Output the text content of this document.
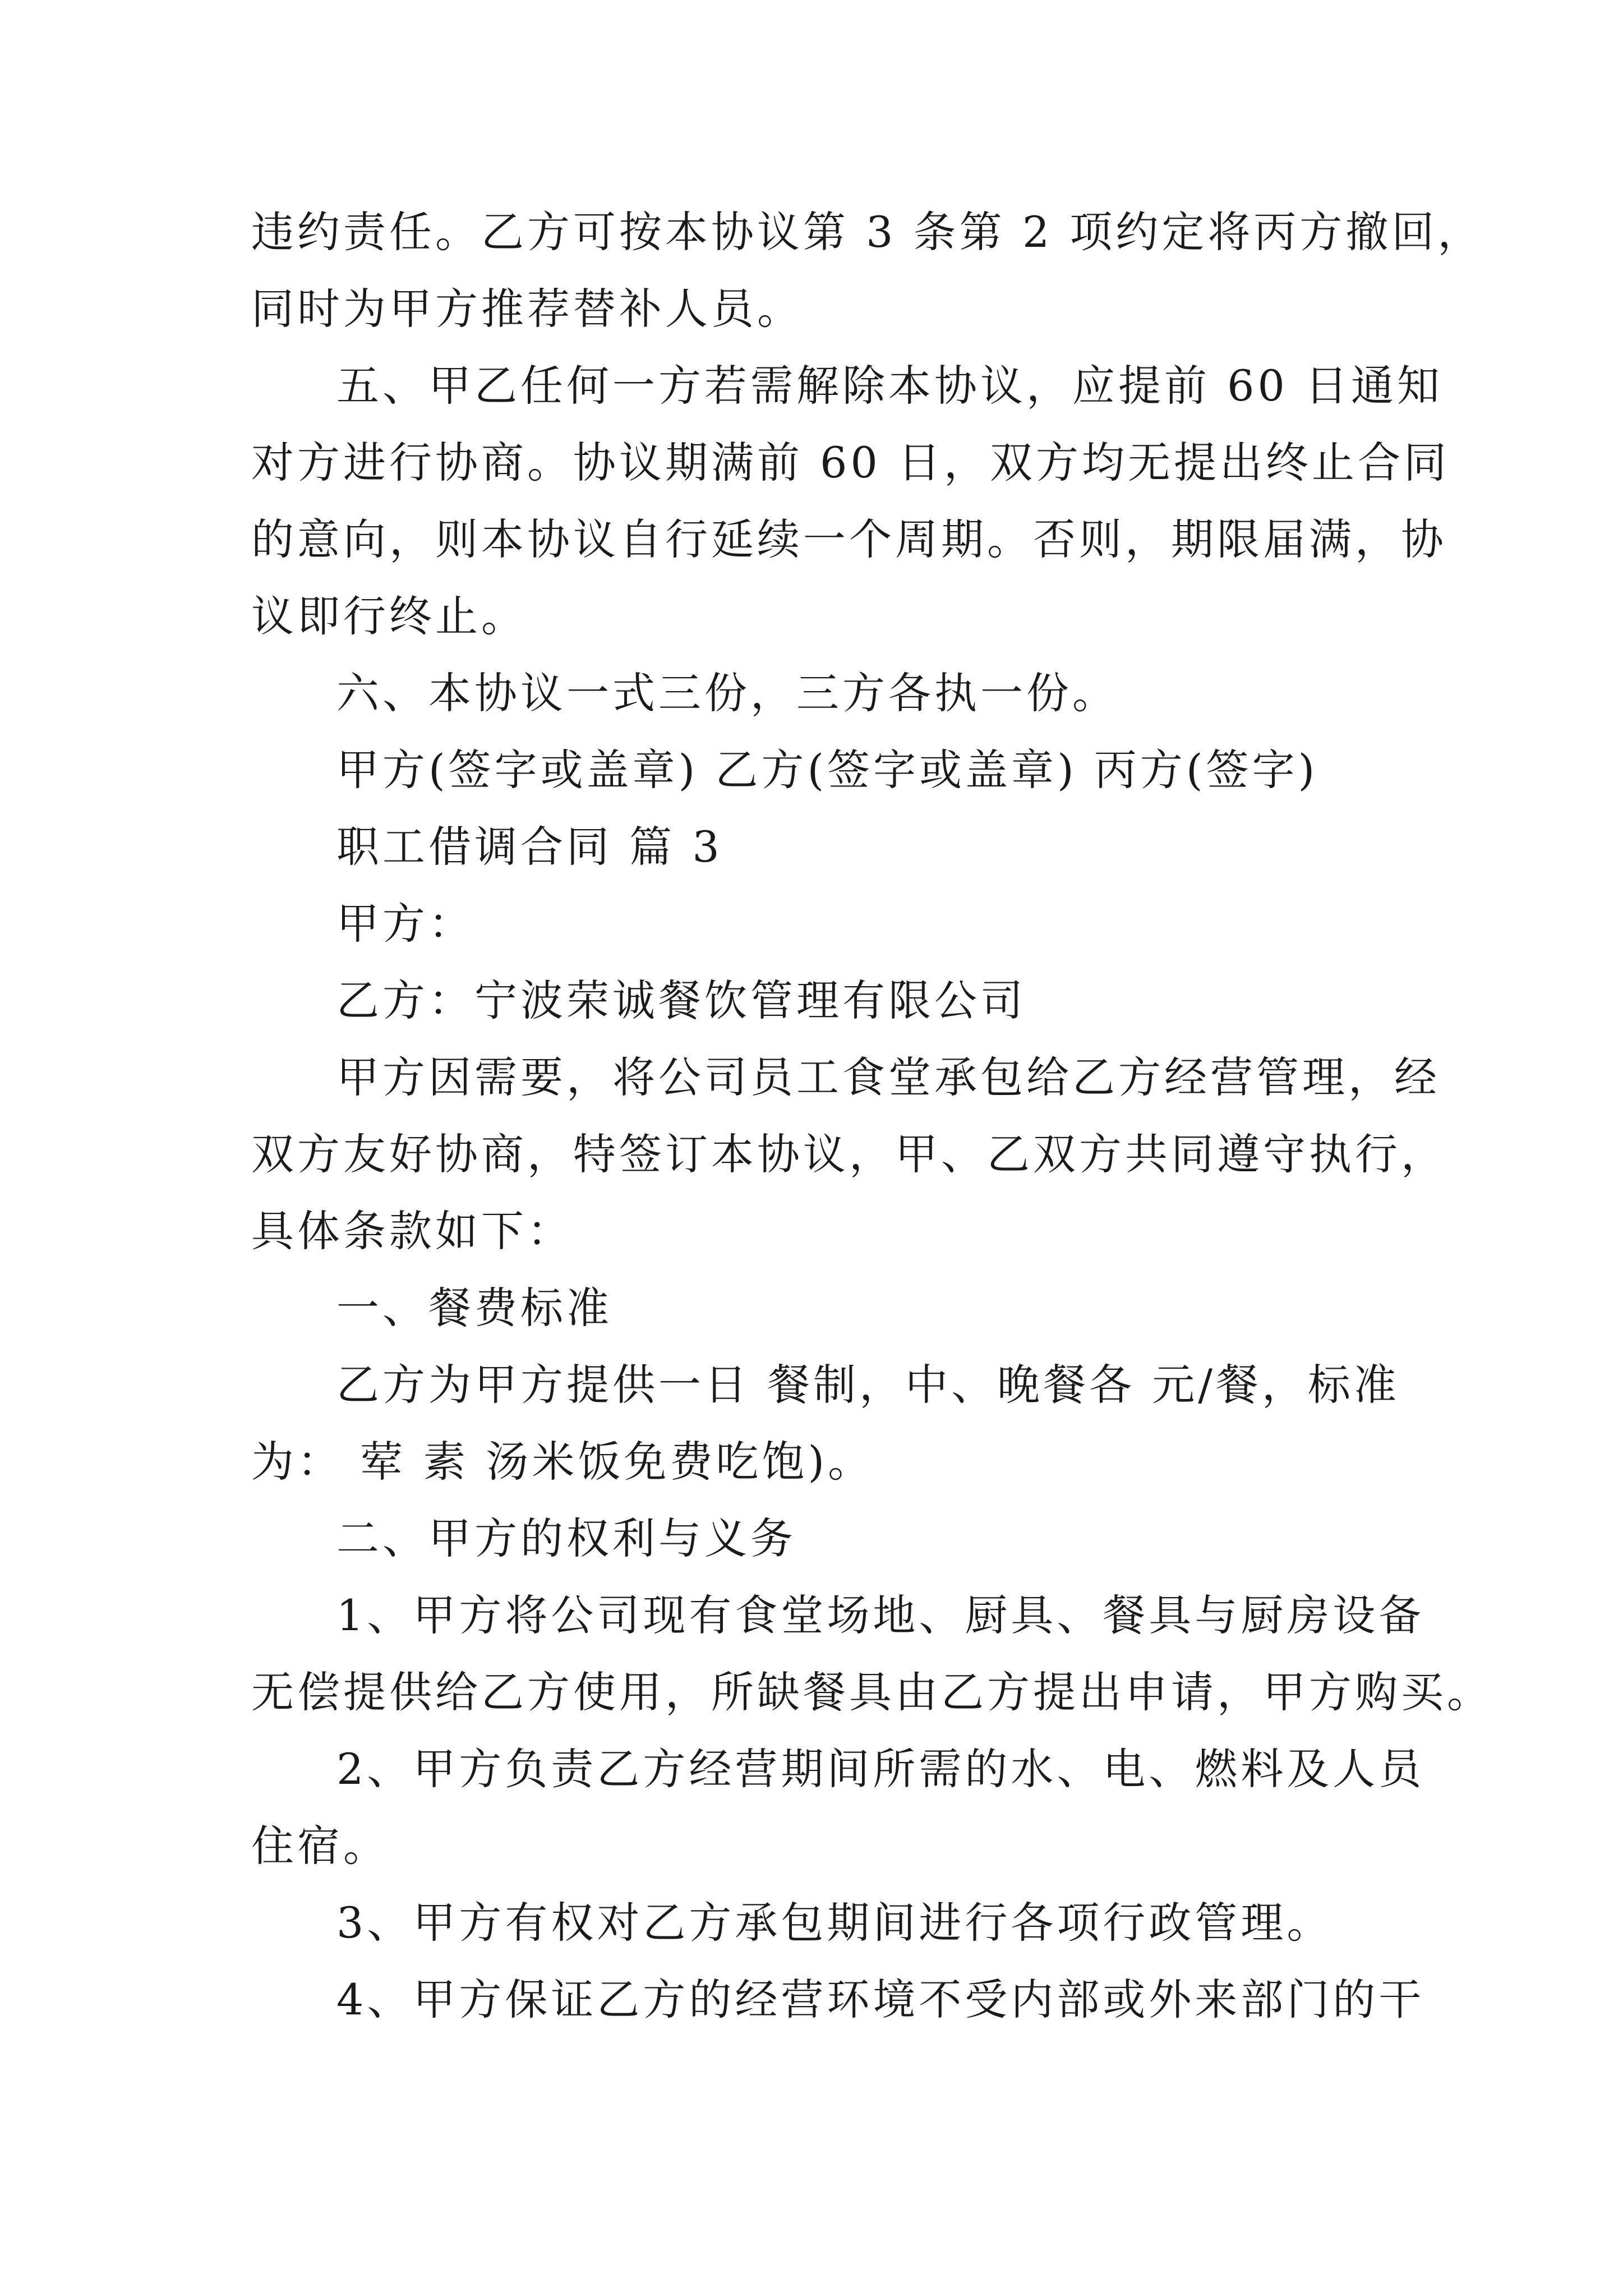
违约责任。乙方可按本协议第 3 条第 2 项约定将丙方撤回，
同时为甲方推荐替补人员。
五、甲乙任何一方若需解除本协议，应提前 60 日通知
对方进行协商。协议期满前 60 日，双方均无提出终止合同
的意向，则本协议自行延续一个周期。否则，期限届满，协
议即行终止。
六、本协议一式三份，三方各执一份。
甲方(签字或盖章) 乙方(签字或盖章) 丙方(签字)
职工借调合同 篇 3
甲方：
乙方：宁波荣诚餐饮管理有限公司
甲方因需要，将公司员工食堂承包给乙方经营管理，经
双方友好协商，特签订本协议，甲、乙双方共同遵守执行，
具体条款如下：
一、餐费标准
乙方为甲方提供一日 餐制，中、晚餐各 元/餐，标准
为： 荤 素 汤米饭免费吃饱)。
二、甲方的权利与义务
1、甲方将公司现有食堂场地、厨具、餐具与厨房设备
无偿提供给乙方使用，所缺餐具由乙方提出申请，甲方购买。
2、甲方负责乙方经营期间所需的水、电、燃料及人员
住宿。
3、甲方有权对乙方承包期间进行各项行政管理。
4、甲方保证乙方的经营环境不受内部或外来部门的干
